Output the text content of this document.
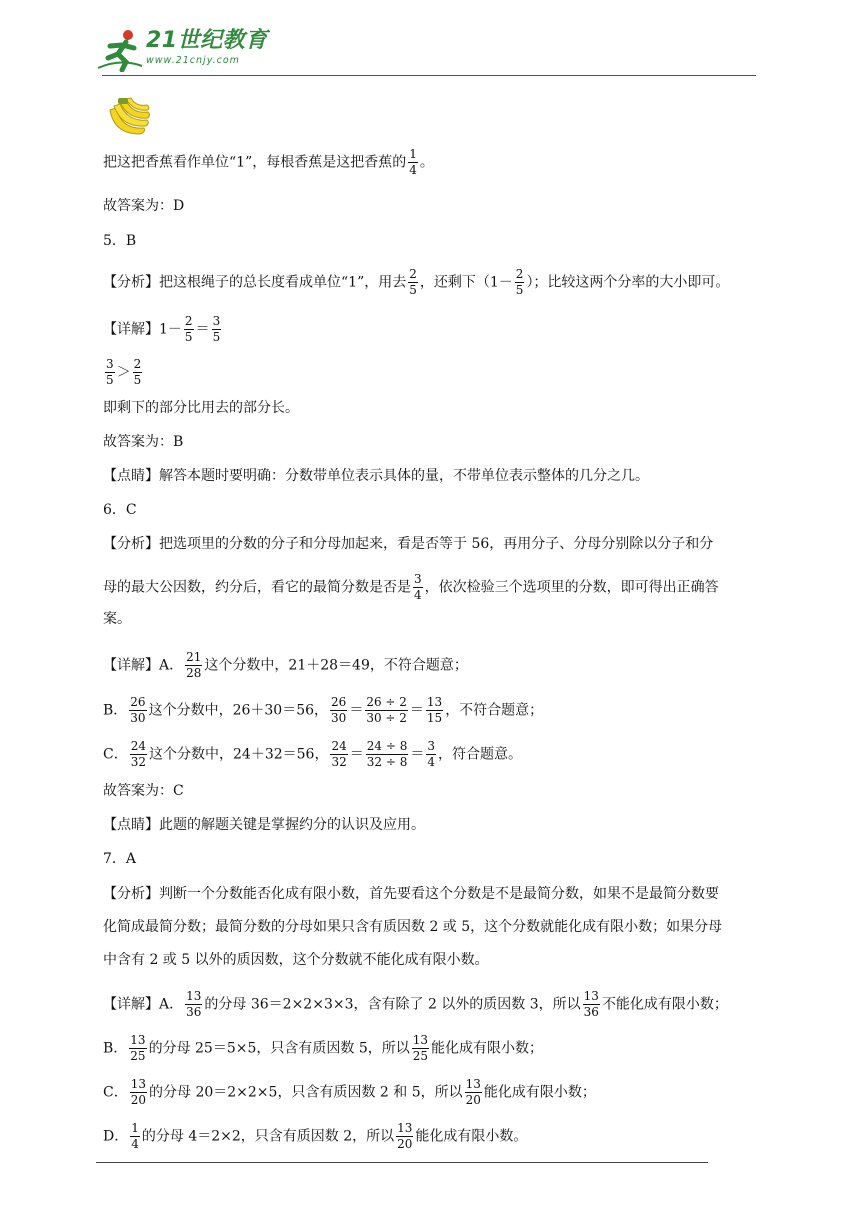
21世纪教育
www.21cnjy.com
把这把香蕉看作单位“1”，每根香蕉是这把香蕉的 $\frac{1}{4}$ 。
故答案为：D
5．B
【分析】把这根绳子的总长度看成单位“1”，用去 $\frac{2}{5}$ ，还剩下（$1- \frac{2}{5}$ ）；比较这两个分率的大小即可。
【详解】$1- \frac{2}{5} = \frac{3}{5}$
$\frac{3}{5} > \frac{2}{5}$
即剩下的部分比用去的部分长。
故答案为：B
【点睛】解答本题时要明确：分数带单位表示具体的量，不带单位表示整体的几分之几。
6．C
【分析】把选项里的分数的分子和分母加起来，看是否等于 56，再用分子、分母分别除以分子和分
母的最大公因数，约分后，看它的最简分数是否是 $\frac{3}{4}$ ，依次检验三个选项里的分数，即可得出正确答
案。
【详解】A． $\frac{21}{28}$ 这个分数中，21＋28＝49，不符合题意；
B． $\frac{26}{30}$ 这个分数中，26＋30＝56， $\frac{26}{30} = \frac{26 \div 2}{30 \div 2} = \frac{13}{15}$ ，不符合题意；
C． $\frac{24}{32}$ 这个分数中，24＋32＝56， $\frac{24}{32} = \frac{24 \div 8}{32 \div 8} = \frac{3}{4}$ ，符合题意。
故答案为：C
【点睛】此题的解题关键是掌握约分的认识及应用。
7．A
【分析】判断一个分数能否化成有限小数，首先要看这个分数是不是最简分数，如果不是最简分数要
化简成最简分数；最简分数的分母如果只含有质因数 2 或 5，这个分数就能化成有限小数；如果分母
中含有 2 或 5 以外的质因数，这个分数就不能化成有限小数。
【详解】A． $\frac{13}{36}$ 的分母 36＝2×2×3×3，含有除了 2 以外的质因数 3，所以 $\frac{13}{36}$ 不能化成有限小数；
B． $\frac{13}{25}$ 的分母 25＝5×5，只含有质因数 5，所以 $\frac{13}{25}$ 能化成有限小数；
C． $\frac{13}{20}$ 的分母 20＝2×2×5，只含有质因数 2 和 5，所以 $\frac{13}{20}$ 能化成有限小数；
D． $\frac{1}{4}$ 的分母 4＝2×2，只含有质因数 2，所以 $\frac{13}{20}$ 能化成有限小数。
